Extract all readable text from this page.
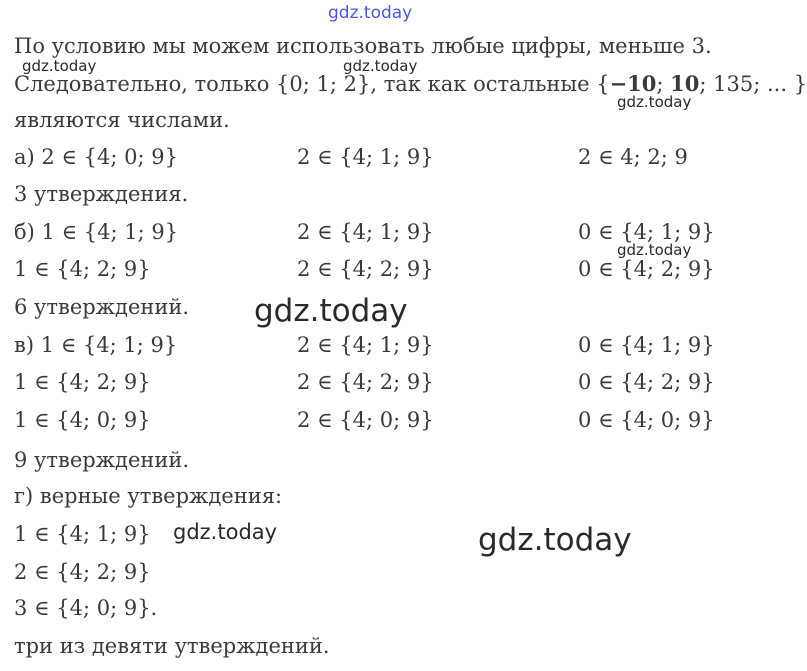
gdz.today
gdz.today	gdz.today
gdz.today
gdz.today
gdz.today
gdz.today	gdz.today
По условию мы можем использовать любые цифры, меньше 3.
Следовательно, только {0; 1; 2}, так как остальные {−10; 10; 135; ... }
являются числами.
а) 2 ∈ {4; 0; 9}	2 ∈ {4; 1; 9}	2 ∈ 4; 2; 9
3 утверждения.
б) 1 ∈ {4; 1; 9}	2 ∈ {4; 1; 9}	0 ∈ {4; 1; 9}
1 ∈ {4; 2; 9}	2 ∈ {4; 2; 9}	0 ∈ {4; 2; 9}
6 утверждений.
в) 1 ∈ {4; 1; 9}	2 ∈ {4; 1; 9}	0 ∈ {4; 1; 9}
1 ∈ {4; 2; 9}	2 ∈ {4; 2; 9}	0 ∈ {4; 2; 9}
1 ∈ {4; 0; 9}	2 ∈ {4; 0; 9}	0 ∈ {4; 0; 9}
9 утверждений.
г) верные утверждения:
1 ∈ {4; 1; 9}
2 ∈ {4; 2; 9}
3 ∈ {4; 0; 9}.
три из девяти утверждений.
